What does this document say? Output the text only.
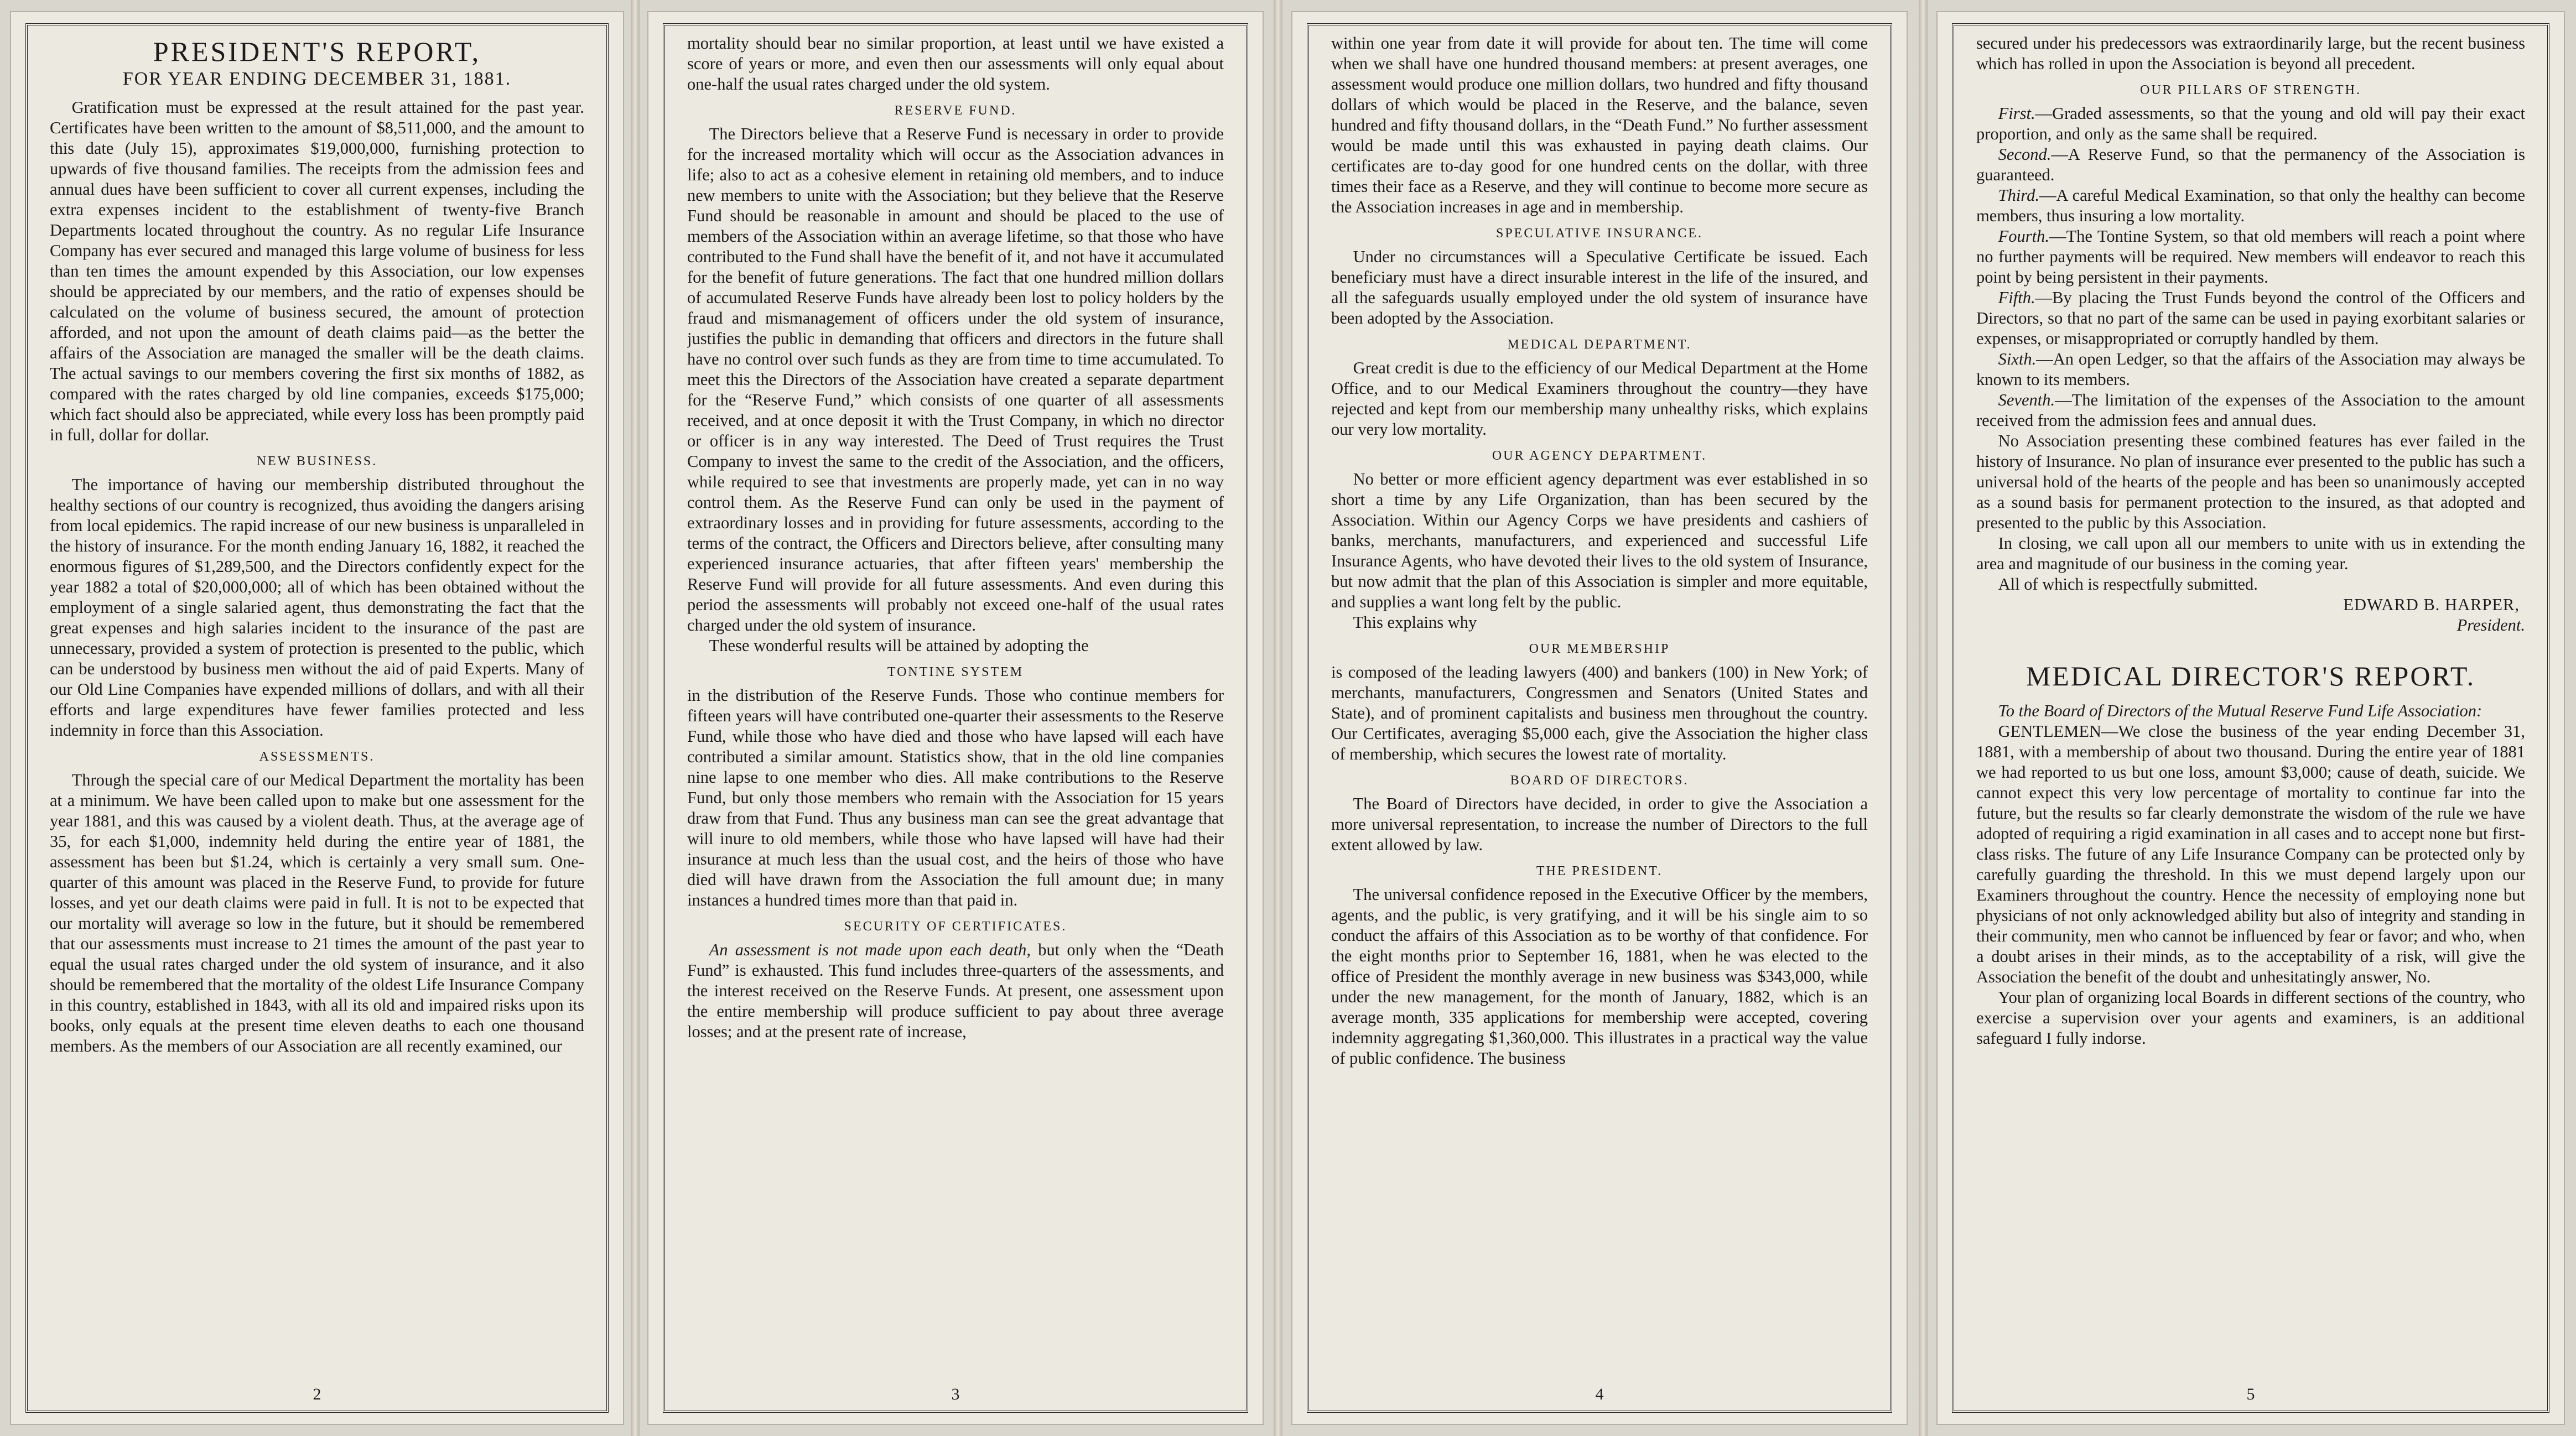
PRESIDENT'S REPORT,
FOR YEAR ENDING DECEMBER 31, 1881.

Gratification must be expressed at the result attained for the past year. Certificates have been written to the amount of $8,511,000, and the amount to this date (July 15), approximates $19,000,000, furnishing protection to upwards of five thousand families. The receipts from the admission fees and annual dues have been sufficient to cover all current expenses, including the extra expenses incident to the establishment of twenty-five Branch Departments located throughout the country. As no regular Life Insurance Company has ever secured and managed this large volume of business for less than ten times the amount expended by this Association, our low expenses should be appreciated by our members, and the ratio of expenses should be calculated on the volume of business secured, the amount of protection afforded, and not upon the amount of death claims paid—as the better the affairs of the Association are managed the smaller will be the death claims. The actual savings to our members covering the first six months of 1882, as compared with the rates charged by old line companies, exceeds $175,000; which fact should also be appreciated, while every loss has been promptly paid in full, dollar for dollar.

NEW BUSINESS.

The importance of having our membership distributed throughout the healthy sections of our country is recognized, thus avoiding the dangers arising from local epidemics. The rapid increase of our new business is unparalleled in the history of insurance. For the month ending January 16, 1882, it reached the enormous figures of $1,289,500, and the Directors confidently expect for the year 1882 a total of $20,000,000; all of which has been obtained without the employment of a single salaried agent, thus demonstrating the fact that the great expenses and high salaries incident to the insurance of the past are unnecessary, provided a system of protection is presented to the public, which can be understood by business men without the aid of paid Experts. Many of our Old Line Companies have expended millions of dollars, and with all their efforts and large expenditures have fewer families protected and less indemnity in force than this Association.

ASSESSMENTS.

Through the special care of our Medical Department the mortality has been at a minimum. We have been called upon to make but one assessment for the year 1881, and this was caused by a violent death. Thus, at the average age of 35, for each $1,000, indemnity held during the entire year of 1881, the assessment has been but $1.24, which is certainly a very small sum. One-quarter of this amount was placed in the Reserve Fund, to provide for future losses, and yet our death claims were paid in full. It is not to be expected that our mortality will average so low in the future, but it should be remembered that our assessments must increase to 21 times the amount of the past year to equal the usual rates charged under the old system of insurance, and it also should be remembered that the mortality of the oldest Life Insurance Company in this country, established in 1843, with all its old and impaired risks upon its books, only equals at the present time eleven deaths to each one thousand members. As the members of our Association are all recently examined, our

2

mortality should bear no similar proportion, at least until we have existed a score of years or more, and even then our assessments will only equal about one-half the usual rates charged under the old system.

RESERVE FUND.

The Directors believe that a Reserve Fund is necessary in order to provide for the increased mortality which will occur as the Association advances in life; also to act as a cohesive element in retaining old members, and to induce new members to unite with the Association; but they believe that the Reserve Fund should be reasonable in amount and should be placed to the use of members of the Association within an average lifetime, so that those who have contributed to the Fund shall have the benefit of it, and not have it accumulated for the benefit of future generations. The fact that one hundred million dollars of accumulated Reserve Funds have already been lost to policy holders by the fraud and mismanagement of officers under the old system of insurance, justifies the public in demanding that officers and directors in the future shall have no control over such funds as they are from time to time accumulated. To meet this the Directors of the Association have created a separate department for the “Reserve Fund,” which consists of one quarter of all assessments received, and at once deposit it with the Trust Company, in which no director or officer is in any way interested. The Deed of Trust requires the Trust Company to invest the same to the credit of the Association, and the officers, while required to see that investments are properly made, yet can in no way control them. As the Reserve Fund can only be used in the payment of extraordinary losses and in providing for future assessments, according to the terms of the contract, the Officers and Directors believe, after consulting many experienced insurance actuaries, that after fifteen years' membership the Reserve Fund will provide for all future assessments. And even during this period the assessments will probably not exceed one-half of the usual rates charged under the old system of insurance.

These wonderful results will be attained by adopting the

TONTINE SYSTEM

in the distribution of the Reserve Funds. Those who continue members for fifteen years will have contributed one-quarter their assessments to the Reserve Fund, while those who have died and those who have lapsed will each have contributed a similar amount. Statistics show, that in the old line companies nine lapse to one member who dies. All make contributions to the Reserve Fund, but only those members who remain with the Association for 15 years draw from that Fund. Thus any business man can see the great advantage that will inure to old members, while those who have lapsed will have had their insurance at much less than the usual cost, and the heirs of those who have died will have drawn from the Association the full amount due; in many instances a hundred times more than that paid in.

SECURITY OF CERTIFICATES.

An assessment is not made upon each death, but only when the “Death Fund” is exhausted. This fund includes three-quarters of the assessments, and the interest received on the Reserve Funds. At present, one assessment upon the entire membership will produce sufficient to pay about three average losses; and at the present rate of increase,

3

within one year from date it will provide for about ten. The time will come when we shall have one hundred thousand members: at present averages, one assessment would produce one million dollars, two hundred and fifty thousand dollars of which would be placed in the Reserve, and the balance, seven hundred and fifty thousand dollars, in the “Death Fund.” No further assessment would be made until this was exhausted in paying death claims. Our certificates are to-day good for one hundred cents on the dollar, with three times their face as a Reserve, and they will continue to become more secure as the Association increases in age and in membership.

SPECULATIVE INSURANCE.

Under no circumstances will a Speculative Certificate be issued. Each beneficiary must have a direct insurable interest in the life of the insured, and all the safeguards usually employed under the old system of insurance have been adopted by the Association.

MEDICAL DEPARTMENT.

Great credit is due to the efficiency of our Medical Department at the Home Office, and to our Medical Examiners throughout the country—they have rejected and kept from our membership many unhealthy risks, which explains our very low mortality.

OUR AGENCY DEPARTMENT.

No better or more efficient agency department was ever established in so short a time by any Life Organization, than has been secured by the Association. Within our Agency Corps we have presidents and cashiers of banks, merchants, manufacturers, and experienced and successful Life Insurance Agents, who have devoted their lives to the old system of Insurance, but now admit that the plan of this Association is simpler and more equitable, and supplies a want long felt by the public.

This explains why

OUR MEMBERSHIP

is composed of the leading lawyers (400) and bankers (100) in New York; of merchants, manufacturers, Congressmen and Senators (United States and State), and of prominent capitalists and business men throughout the country. Our Certificates, averaging $5,000 each, give the Association the higher class of membership, which secures the lowest rate of mortality.

BOARD OF DIRECTORS.

The Board of Directors have decided, in order to give the Association a more universal representation, to increase the number of Directors to the full extent allowed by law.

THE PRESIDENT.

The universal confidence reposed in the Executive Officer by the members, agents, and the public, is very gratifying, and it will be his single aim to so conduct the affairs of this Association as to be worthy of that confidence. For the eight months prior to September 16, 1881, when he was elected to the office of President the monthly average in new business was $343,000, while under the new management, for the month of January, 1882, which is an average month, 335 applications for membership were accepted, covering indemnity aggregating $1,360,000. This illustrates in a practical way the value of public confidence. The business

4

secured under his predecessors was extraordinarily large, but the recent business which has rolled in upon the Association is beyond all precedent.

OUR PILLARS OF STRENGTH.

First.—Graded assessments, so that the young and old will pay their exact proportion, and only as the same shall be required.

Second.—A Reserve Fund, so that the permanency of the Association is guaranteed.

Third.—A careful Medical Examination, so that only the healthy can become members, thus insuring a low mortality.

Fourth.—The Tontine System, so that old members will reach a point where no further payments will be required. New members will endeavor to reach this point by being persistent in their payments.

Fifth.—By placing the Trust Funds beyond the control of the Officers and Directors, so that no part of the same can be used in paying exorbitant salaries or expenses, or misappropriated or corruptly handled by them.

Sixth.—An open Ledger, so that the affairs of the Association may always be known to its members.

Seventh.—The limitation of the expenses of the Association to the amount received from the admission fees and annual dues.

No Association presenting these combined features has ever failed in the history of Insurance. No plan of insurance ever presented to the public has such a universal hold of the hearts of the people and has been so unanimously accepted as a sound basis for permanent protection to the insured, as that adopted and presented to the public by this Association.

In closing, we call upon all our members to unite with us in extending the area and magnitude of our business in the coming year.

All of which is respectfully submitted.

EDWARD B. HARPER,
President.
MEDICAL DIRECTOR'S REPORT.

To the Board of Directors of the Mutual Reserve Fund Life Association:

GENTLEMEN—We close the business of the year ending December 31, 1881, with a membership of about two thousand. During the entire year of 1881 we had reported to us but one loss, amount $3,000; cause of death, suicide. We cannot expect this very low percentage of mortality to continue far into the future, but the results so far clearly demonstrate the wisdom of the rule we have adopted of requiring a rigid examination in all cases and to accept none but first-class risks. The future of any Life Insurance Company can be protected only by carefully guarding the threshold. In this we must depend largely upon our Examiners throughout the country. Hence the necessity of employing none but physicians of not only acknowledged ability but also of integrity and standing in their community, men who cannot be influenced by fear or favor; and who, when a doubt arises in their minds, as to the acceptability of a risk, will give the Association the benefit of the doubt and unhesitatingly answer, No.

Your plan of organizing local Boards in different sections of the country, who exercise a supervision over your agents and examiners, is an additional safeguard I fully indorse.

5
